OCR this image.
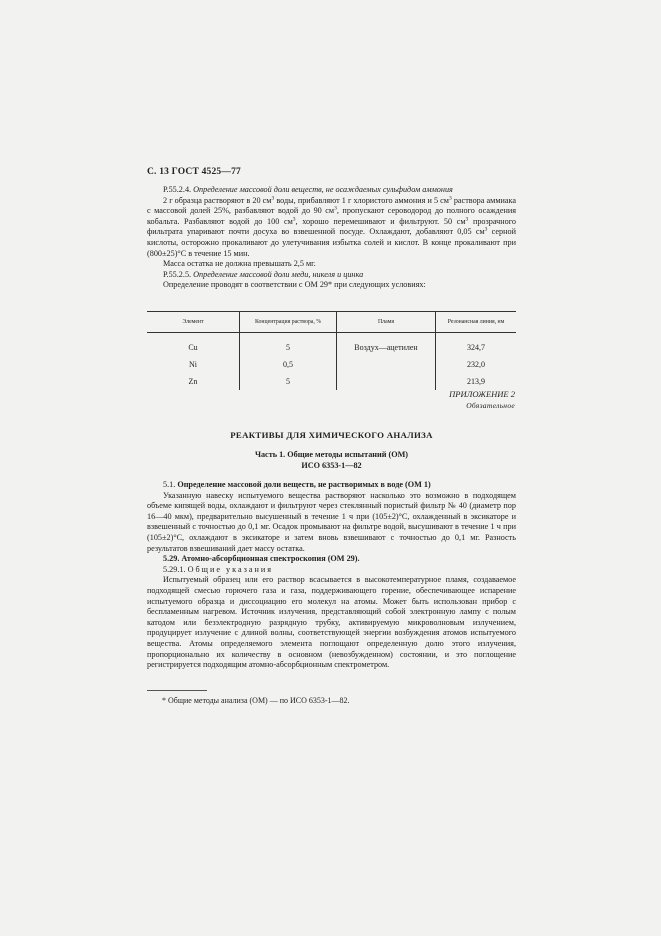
С. 13 ГОСТ 4525—77

Р.55.2.4. Определение массовой доли веществ, не осаждаемых сульфидом аммония

2 г образца растворяют в 20 $см^3$ воды, прибавляют 1 г хлористого аммония и 5 $см^3$ раствора аммиака с массовой долей 25%, разбавляют водой до 90 $см^3$, пропускают сероводород до полного осаждения кобальта. Разбавляют водой до 100 $см^3$, хорошо перемешивают и фильтруют. 50 $см^3$ прозрачного фильтрата упаривают почти досуха во взвешенной посуде. Охлаждают, добавляют 0,05 $см^3$ серной кислоты, осторожно прокаливают до улетучивания избытка солей и кислот. В конце прокаливают при (800±25)°С в течение 15 мин.

Масса остатка не должна превышать 2,5 мг.

Р.55.2.5. Определение массовой доли меди, никеля и цинка

Определение проводят в соответствии с ОМ 29* при следующих условиях:

Элемент	Концентрация раствора, %	Пламя	Резонансная линия, нм
Cu	5	Воздух—ацетилен	324,7
Ni	0,5		232,0
Zn	5		213,9
ПРИЛОЖЕНИЕ 2
Обязательное
РЕАКТИВЫ ДЛЯ ХИМИЧЕСКОГО АНАЛИЗА
Часть 1. Общие методы испытаний (ОМ)
ИСО 6353-1—82

5.1. Определение массовой доли веществ, не растворимых в воде (ОМ 1)

Указанную навеску испытуемого вещества растворяют насколько это возможно в подходящем объеме кипящей воды, охлаждают и фильтруют через стеклянный пористый фильтр № 40 (диаметр пор 16—40 мкм), предварительно высушенный в течение 1 ч при (105±2)°С, охлажденный в эксикаторе и взвешенный с точностью до 0,1 мг. Осадок промывают на фильтре водой, высушивают в течение 1 ч при (105±2)°С, охлаждают в эксикаторе и затем вновь взвешивают с точностью до 0,1 мг. Разность результатов взвешиваний дает массу остатка.

5.29. Атомно-абсорбционная спектроскопия (ОМ 29).

5.29.1. Общие указания

Испытуемый образец или его раствор всасывается в высокотемпературное пламя, создаваемое подходящей смесью горючего газа и газа, поддерживающего горение, обеспечивающее испарение испытуемого образца и диссоциацию его молекул на атомы. Может быть использован прибор с беспламенным нагревом. Источник излучения, представляющий собой электронную лампу с полым катодом или безэлектродную разрядную трубку, активируемую микроволновым излучением, продуцирует излучение с длиной волны, соответствующей энергии возбуждения атомов испытуемого вещества. Атомы определяемого элемента поглощают определенную долю этого излучения, пропорционально их количеству в основном (невозбужденном) состоянии, и это поглощение регистрируется подходящим атомно-абсорбционным спектрометром.

* Общие методы анализа (ОМ) — по ИСО 6353-1—82.
